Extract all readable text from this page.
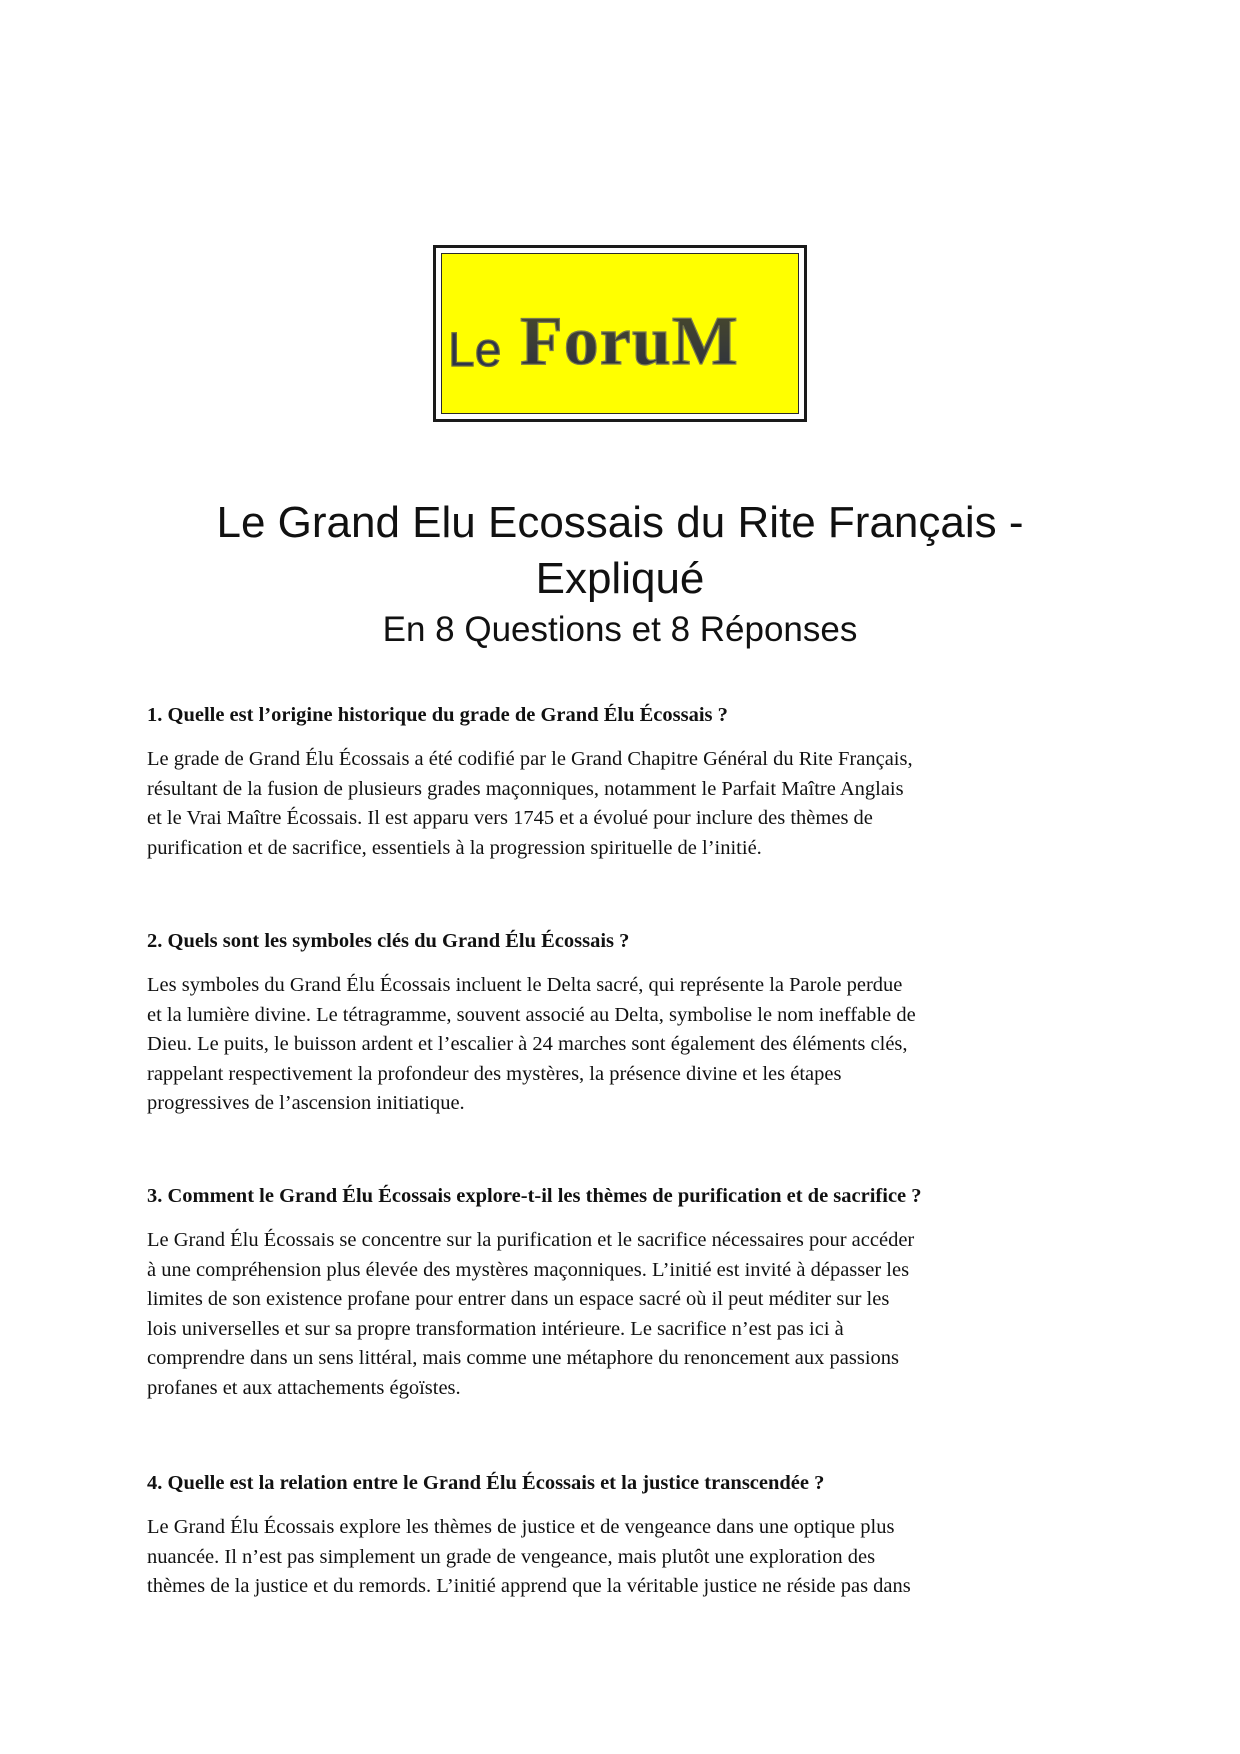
Le ForuM
Le Grand Elu Ecossais du Rite Français -
Expliqué
En 8 Questions et 8 Réponses

1. Quelle est l’origine historique du grade de Grand Élu Écossais ?

Le grade de Grand Élu Écossais a été codifié par le Grand Chapitre Général du Rite Français,
résultant de la fusion de plusieurs grades maçonniques, notamment le Parfait Maître Anglais
et le Vrai Maître Écossais. Il est apparu vers 1745 et a évolué pour inclure des thèmes de
purification et de sacrifice, essentiels à la progression spirituelle de l’initié.

2. Quels sont les symboles clés du Grand Élu Écossais ?

Les symboles du Grand Élu Écossais incluent le Delta sacré, qui représente la Parole perdue
et la lumière divine. Le tétragramme, souvent associé au Delta, symbolise le nom ineffable de
Dieu. Le puits, le buisson ardent et l’escalier à 24 marches sont également des éléments clés,
rappelant respectivement la profondeur des mystères, la présence divine et les étapes
progressives de l’ascension initiatique.

3. Comment le Grand Élu Écossais explore-t-il les thèmes de purification et de sacrifice ?

Le Grand Élu Écossais se concentre sur la purification et le sacrifice nécessaires pour accéder
à une compréhension plus élevée des mystères maçonniques. L’initié est invité à dépasser les
limites de son existence profane pour entrer dans un espace sacré où il peut méditer sur les
lois universelles et sur sa propre transformation intérieure. Le sacrifice n’est pas ici à
comprendre dans un sens littéral, mais comme une métaphore du renoncement aux passions
profanes et aux attachements égoïstes.

4. Quelle est la relation entre le Grand Élu Écossais et la justice transcendée ?

Le Grand Élu Écossais explore les thèmes de justice et de vengeance dans une optique plus
nuancée. Il n’est pas simplement un grade de vengeance, mais plutôt une exploration des
thèmes de la justice et du remords. L’initié apprend que la véritable justice ne réside pas dans
